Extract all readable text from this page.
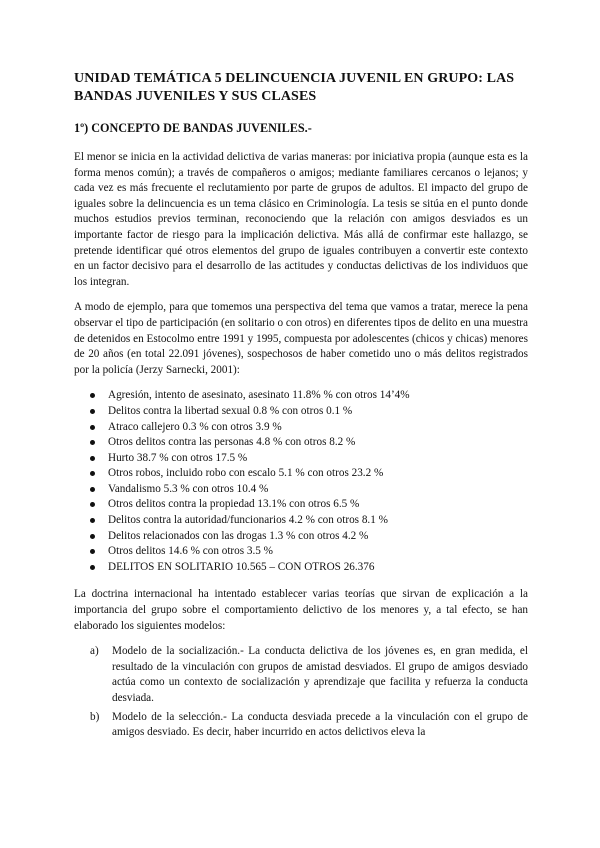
UNIDAD TEMÁTICA 5 DELINCUENCIA JUVENIL EN GRUPO: LAS BANDAS JUVENILES Y SUS CLASES
1º) CONCEPTO DE BANDAS JUVENILES.-

El menor se inicia en la actividad delictiva de varias maneras: por iniciativa propia (aunque esta es la forma menos común); a través de compañeros o amigos; mediante familiares cercanos o lejanos; y cada vez es más frecuente el reclutamiento por parte de grupos de adultos. El impacto del grupo de iguales sobre la delincuencia es un tema clásico en Criminología. La tesis se sitúa en el punto donde muchos estudios previos terminan, reconociendo que la relación con amigos desviados es un importante factor de riesgo para la implicación delictiva. Más allá de confirmar este hallazgo, se pretende identificar qué otros elementos del grupo de iguales contribuyen a convertir este contexto en un factor decisivo para el desarrollo de las actitudes y conductas delictivas de los individuos que los integran.

A modo de ejemplo, para que tomemos una perspectiva del tema que vamos a tratar, merece la pena observar el tipo de participación (en solitario o con otros) en diferentes tipos de delito en una muestra de detenidos en Estocolmo entre 1991 y 1995, compuesta por adolescentes (chicos y chicas) menores de 20 años (en total 22.091 jóvenes), sospechosos de haber cometido uno o más delitos registrados por la policía (Jerzy Sarnecki, 2001):

Agresión, intento de asesinato, asesinato 11.8% % con otros 14’4%
Delitos contra la libertad sexual 0.8 % con otros 0.1 %
Atraco callejero 0.3 % con otros 3.9 %
Otros delitos contra las personas 4.8 % con otros 8.2 %
Hurto 38.7 % con otros 17.5 %
Otros robos, incluido robo con escalo 5.1 % con otros 23.2 %
Vandalismo 5.3 % con otros 10.4 %
Otros delitos contra la propiedad 13.1% con otros 6.5 %
Delitos contra la autoridad/funcionarios 4.2 % con otros 8.1 %
Delitos relacionados con las drogas 1.3 % con otros 4.2 %
Otros delitos 14.6 % con otros 3.5 %
DELITOS EN SOLITARIO 10.565 – CON OTROS 26.376

La doctrina internacional ha intentado establecer varias teorías que sirvan de explicación a la importancia del grupo sobre el comportamiento delictivo de los menores y, a tal efecto, se han elaborado los siguientes modelos:

a) Modelo de la socialización.- La conducta delictiva de los jóvenes es, en gran medida, el resultado de la vinculación con grupos de amistad desviados. El grupo de amigos desviado actúa como un contexto de socialización y aprendizaje que facilita y refuerza la conducta desviada.
b) Modelo de la selección.- La conducta desviada precede a la vinculación con el grupo de amigos desviado. Es decir, haber incurrido en actos delictivos eleva la
